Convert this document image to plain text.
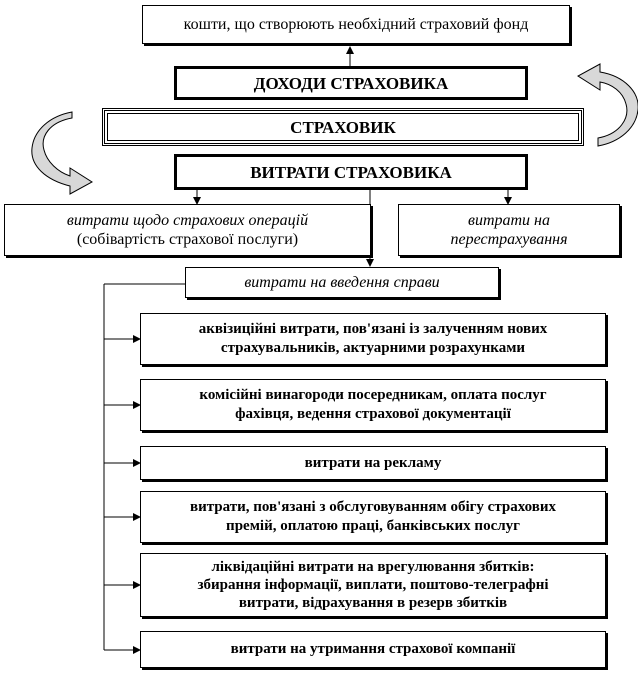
кошти, що створюють необхідний страховий фонд
ДОХОДИ СТРАХОВИКА
СТРАХОВИК
ВИТРАТИ СТРАХОВИКА
витрати щодо страхових операцій
(собівартість страхової послуги)
витрати на
перестрахування
витрати на введення справи
аквізиційні витрати, пов'язані із залученням нових
страхувальників, актуарними розрахунками
комісійні винагороди посередникам, оплата послуг
фахівця, ведення страхової документації
витрати на рекламу
витрати, пов'язані з обслуговуванням обігу страхових
премій, оплатою праці, банківських послуг
ліквідаційні витрати на врегулювання збитків:
збирання інформації, виплати, поштово-телеграфні
витрати, відрахування в резерв збитків
витрати на утримання страхової компанії
